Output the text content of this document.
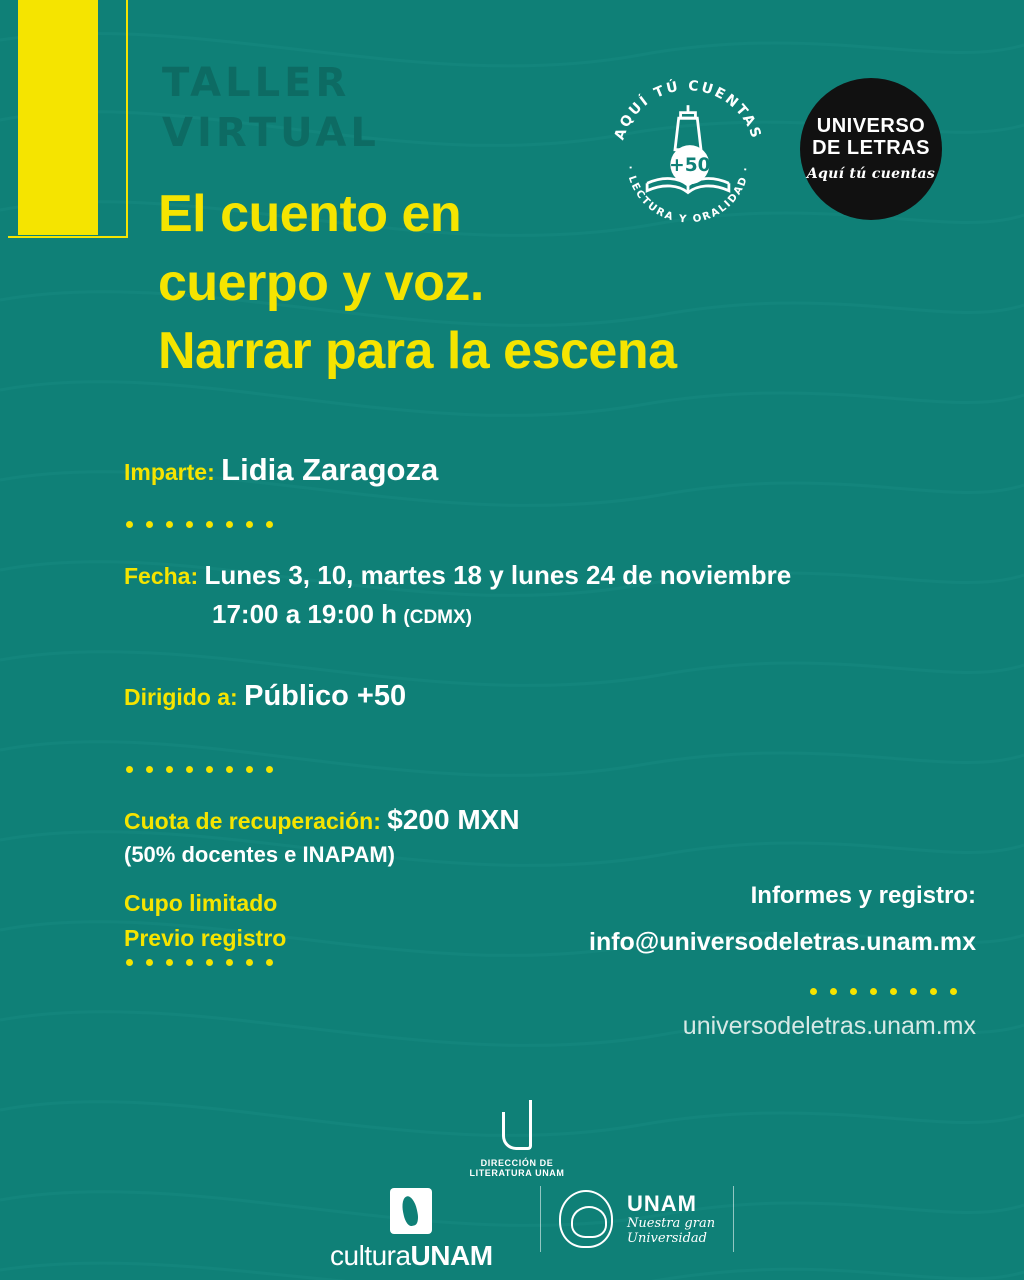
TALLER
VIRTUAL
El cuento en
cuerpo y voz.
Narrar para la escena
AQUÍ TÚ CUENTAS
· LECTURA Y ORALIDAD ·
+50
UNIVERSO
DE LETRAS
Aquí tú cuentas
Imparte: Lidia Zaragoza
Fecha: Lunes 3, 10, martes 18 y lunes 24 de noviembre
17:00 a 19:00 h (CDMX)
Dirigido a: Público +50
Cuota de recuperación: $200 MXN
(50% docentes e INAPAM)
Cupo limitado
Previo registro
Informes y registro:
info@universodeletras.unam.mx
universodeletras.unam.mx
DIRECCIÓN DE
LITERATURA UNAM
culturaUNAM
UNAM
Nuestra gran
Universidad
